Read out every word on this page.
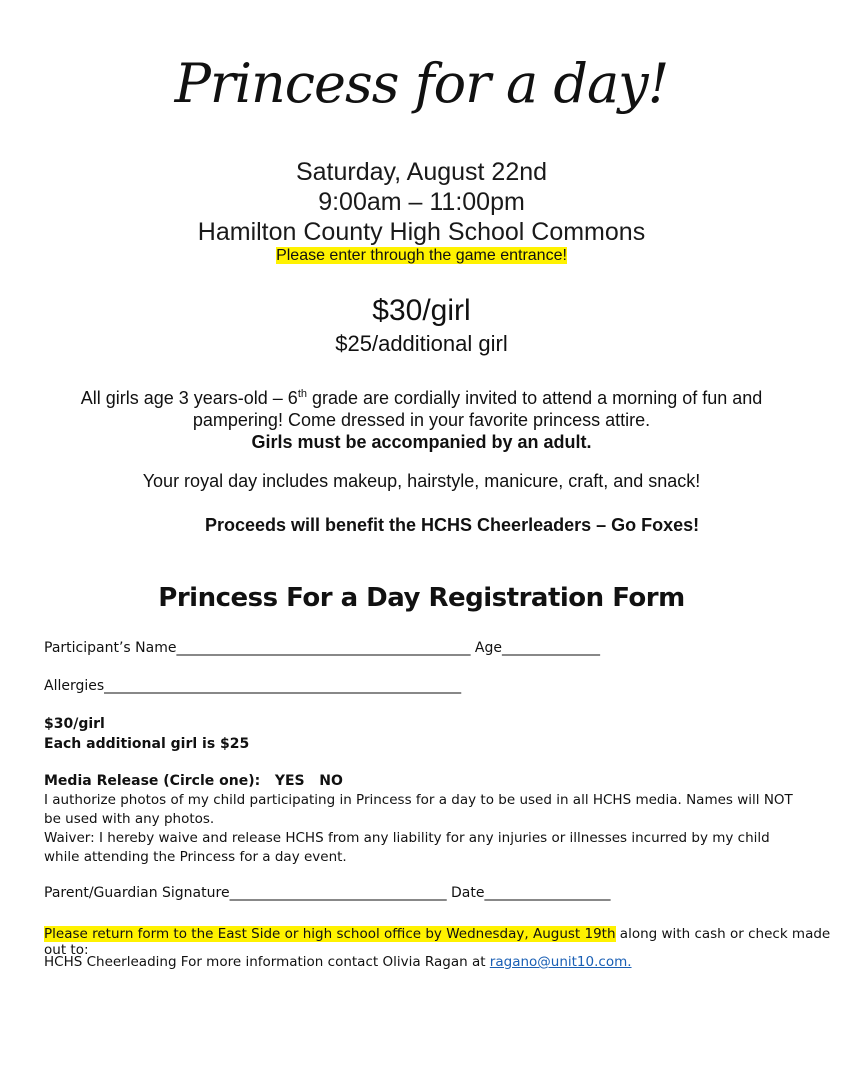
Princess for a day!
Saturday, August 22nd
9:00am – 11:00pm
Hamilton County High School Commons
Please enter through the game entrance!
$30/girl
$25/additional girl
All girls age 3 years-old – 6th grade are cordially invited to attend a morning of fun and
pampering! Come dressed in your favorite princess attire.
Girls must be accompanied by an adult.
Your royal day includes makeup, hairstyle, manicure, craft, and snack!
Proceeds will benefit the HCHS Cheerleaders – Go Foxes!
Princess For a Day Registration Form
Participant’s Name__________________________________________ Age______________
Allergies___________________________________________________
$30/girl
Each additional girl is $25
Media Release (Circle one): YES NO
I authorize photos of my child participating in Princess for a day to be used in all HCHS media. Names will NOT be used with any photos.
Waiver: I hereby waive and release HCHS from any liability for any injuries or illnesses incurred by my child while attending the Princess for a day event.
Parent/Guardian Signature_______________________________ Date__________________
Please return form to the East Side or high school office by Wednesday, August 19th along with cash or check made out to:
HCHS Cheerleading For more information contact Olivia Ragan at ragano@unit10.com.
